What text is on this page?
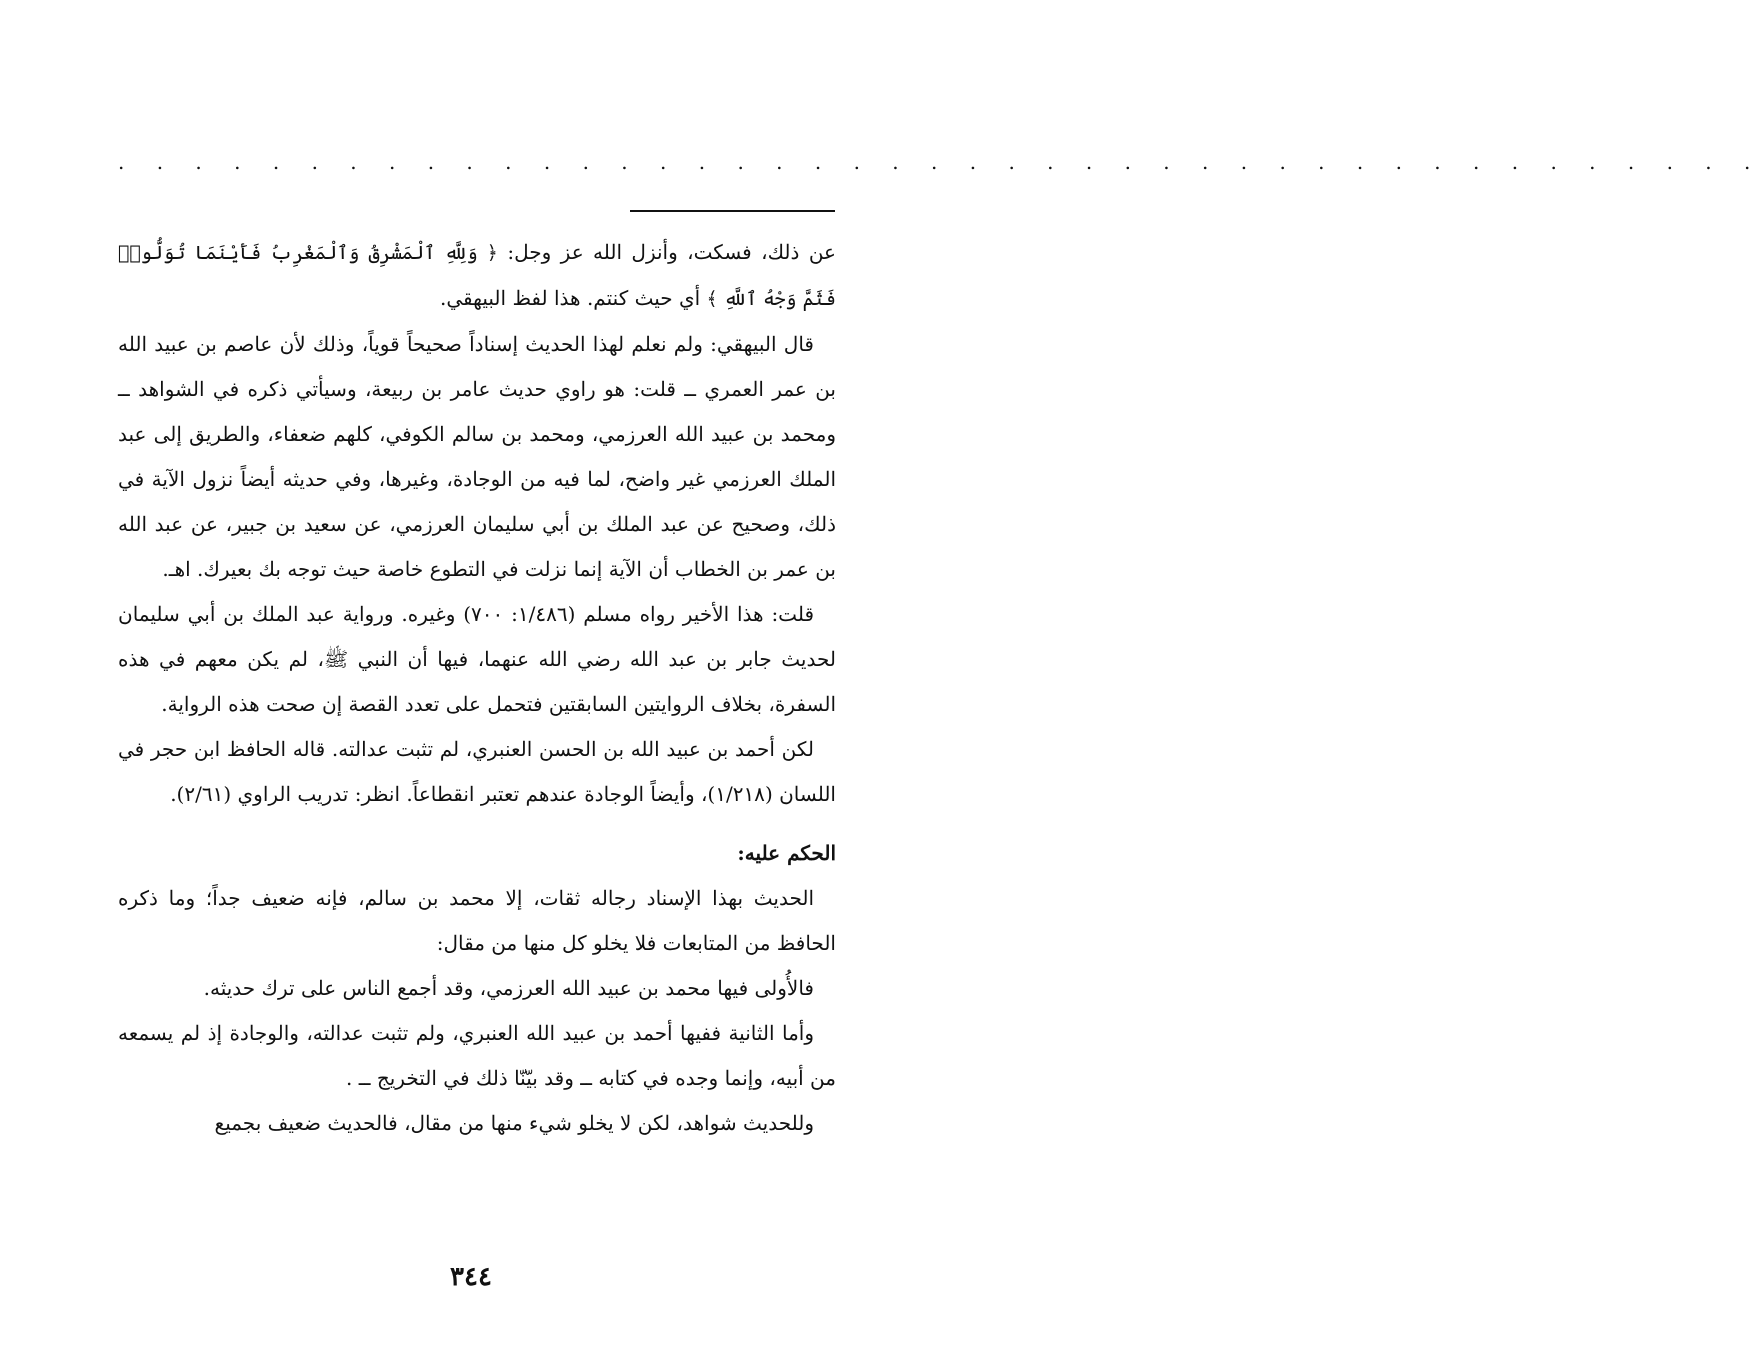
. . . . . . . . . . . . . . . . . . . . . . . . . . . . . . . . . . . . . . . . . . .

عن ذلك، فسكت، وأنزل الله عز وجل: ﴿ وَلِلَّهِ ٱلْمَشْرِقُ وَٱلْمَغْرِبُ فَأَيْنَمَا تُوَلُّوا۟ فَثَمَّ وَجْهُ ٱللَّهِ ﴾ أي حيث كنتم. هذا لفظ البيهقي.

قال البيهقي: ولم نعلم لهذا الحديث إسناداً صحيحاً قوياً، وذلك لأن عاصم بن عبيد الله بن عمر العمري ــ قلت: هو راوي حديث عامر بن ربيعة، وسيأتي ذكره في الشواهد ــ ومحمد بن عبيد الله العرزمي، ومحمد بن سالم الكوفي، كلهم ضعفاء، والطريق إلى عبد الملك العرزمي غير واضح، لما فيه من الوجادة، وغيرها، وفي حديثه أيضاً نزول الآية في ذلك، وصحيح عن عبد الملك بن أبي سليمان العرزمي، عن سعيد بن جبير، عن عبد الله بن عمر بن الخطاب أن الآية إنما نزلت في التطوع خاصة حيث توجه بك بعيرك. اهـ.

قلت: هذا الأخير رواه مسلم (١/٤٨٦: ٧٠٠) وغيره. ورواية عبد الملك بن أبي سليمان لحديث جابر بن عبد الله رضي الله عنهما، فيها أن النبي ﷺ، لم يكن معهم في هذه السفرة، بخلاف الروايتين السابقتين فتحمل على تعدد القصة إن صحت هذه الرواية.

لكن أحمد بن عبيد الله بن الحسن العنبري، لم تثبت عدالته. قاله الحافظ ابن حجر في اللسان (١/٢١٨)، وأيضاً الوجادة عندهم تعتبر انقطاعاً. انظر: تدريب الراوي (٢/٦١).

الحكم عليه:

الحديث بهذا الإسناد رجاله ثقات، إلا محمد بن سالم، فإنه ضعيف جداً؛ وما ذكره الحافظ من المتابعات فلا يخلو كل منها من مقال:

فالأُولى فيها محمد بن عبيد الله العرزمي، وقد أجمع الناس على ترك حديثه.

وأما الثانية ففيها أحمد بن عبيد الله العنبري، ولم تثبت عدالته، والوجادة إذ لم يسمعه من أبيه، وإنما وجده في كتابه ــ وقد بيّنّا ذلك في التخريج ــ .

وللحديث شواهد، لكن لا يخلو شيء منها من مقال، فالحديث ضعيف بجميع

٣٤٤
